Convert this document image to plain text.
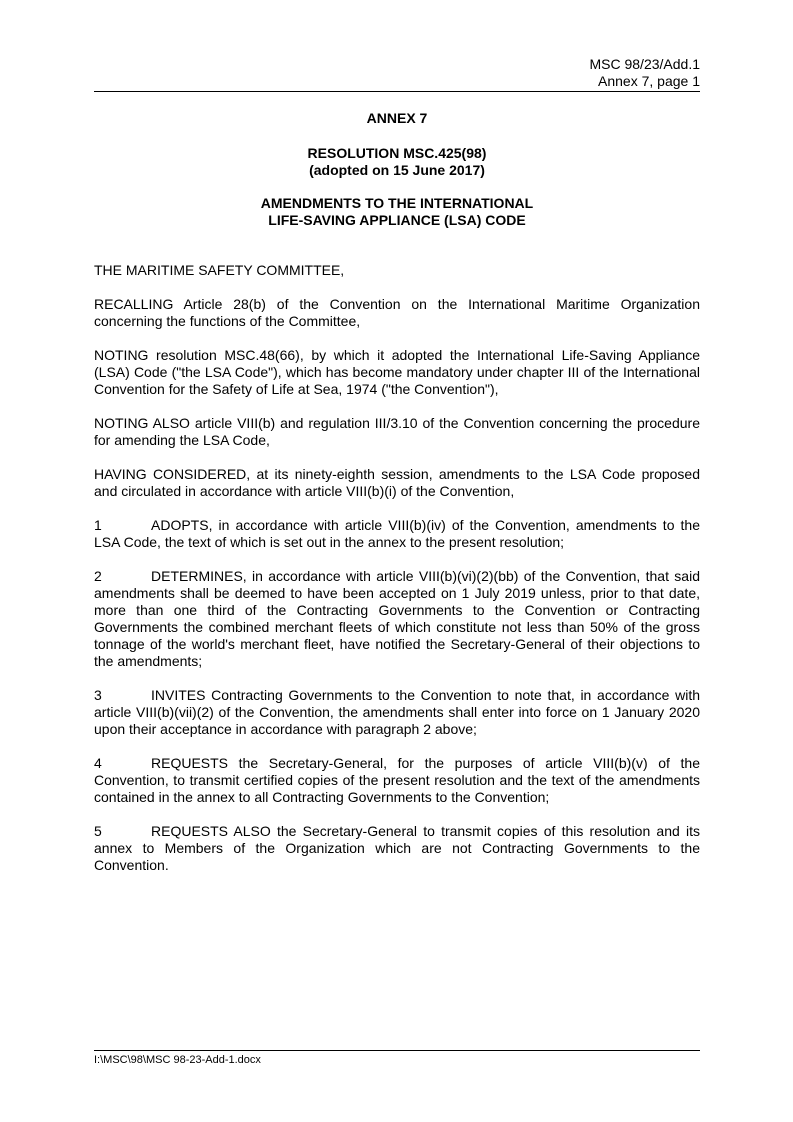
MSC 98/23/Add.1
Annex 7, page 1
ANNEX 7
RESOLUTION MSC.425(98)
(adopted on 15 June 2017)
AMENDMENTS TO THE INTERNATIONAL
LIFE-SAVING APPLIANCE (LSA) CODE

THE MARITIME SAFETY COMMITTEE,

RECALLING Article 28(b) of the Convention on the International Maritime Organization concerning the functions of the Committee,

NOTING resolution MSC.48(66), by which it adopted the International Life-Saving Appliance (LSA) Code ("the LSA Code"), which has become mandatory under chapter III of the International Convention for the Safety of Life at Sea, 1974 ("the Convention"),

NOTING ALSO article VIII(b) and regulation III/3.10 of the Convention concerning the procedure for amending the LSA Code,

HAVING CONSIDERED, at its ninety-eighth session, amendments to the LSA Code proposed and circulated in accordance with article VIII(b)(i) of the Convention,

1	ADOPTS, in accordance with article VIII(b)(iv) of the Convention, amendments to the LSA Code, the text of which is set out in the annex to the present resolution;

2	DETERMINES, in accordance with article VIII(b)(vi)(2)(bb) of the Convention, that said amendments shall be deemed to have been accepted on 1 July 2019 unless, prior to that date, more than one third of the Contracting Governments to the Convention or Contracting Governments the combined merchant fleets of which constitute not less than 50% of the gross tonnage of the world's merchant fleet, have notified the Secretary-General of their objections to the amendments;

3	INVITES Contracting Governments to the Convention to note that, in accordance with article VIII(b)(vii)(2) of the Convention, the amendments shall enter into force on 1 January 2020 upon their acceptance in accordance with paragraph 2 above;

4	REQUESTS the Secretary-General, for the purposes of article VIII(b)(v) of the Convention, to transmit certified copies of the present resolution and the text of the amendments contained in the annex to all Contracting Governments to the Convention;

5	REQUESTS ALSO the Secretary-General to transmit copies of this resolution and its annex to Members of the Organization which are not Contracting Governments to the Convention.

I:\MSC\98\MSC 98-23-Add-1.docx
